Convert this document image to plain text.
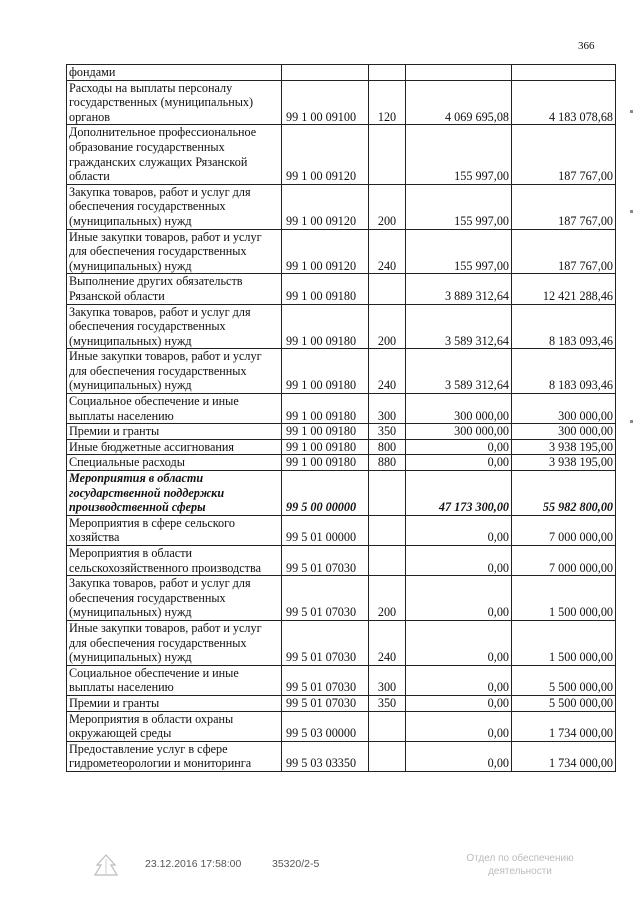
366
фондами				
Расходы на выплаты персоналу государственных (муниципальных) органов	99 1 00 09100	120	4 069 695,08	4 183 078,68
Дополнительное профессиональное образование государственных гражданских служащих Рязанской области	99 1 00 09120		155 997,00	187 767,00
Закупка товаров, работ и услуг для обеспечения государственных (муниципальных) нужд	99 1 00 09120	200	155 997,00	187 767,00
Иные закупки товаров, работ и услуг для обеспечения государственных (муниципальных) нужд	99 1 00 09120	240	155 997,00	187 767,00
Выполнение других обязательств Рязанской области	99 1 00 09180		3 889 312,64	12 421 288,46
Закупка товаров, работ и услуг для обеспечения государственных (муниципальных) нужд	99 1 00 09180	200	3 589 312,64	8 183 093,46
Иные закупки товаров, работ и услуг для обеспечения государственных (муниципальных) нужд	99 1 00 09180	240	3 589 312,64	8 183 093,46
Социальное обеспечение и иные выплаты населению	99 1 00 09180	300	300 000,00	300 000,00
Премии и гранты	99 1 00 09180	350	300 000,00	300 000,00
Иные бюджетные ассигнования	99 1 00 09180	800	0,00	3 938 195,00
Специальные расходы	99 1 00 09180	880	0,00	3 938 195,00
Мероприятия в области государственной поддержки производственной сферы	99 5 00 00000		47 173 300,00	55 982 800,00
Мероприятия в сфере сельского хозяйства	99 5 01 00000		0,00	7 000 000,00
Мероприятия в области сельскохозяйственного производства	99 5 01 07030		0,00	7 000 000,00
Закупка товаров, работ и услуг для обеспечения государственных (муниципальных) нужд	99 5 01 07030	200	0,00	1 500 000,00
Иные закупки товаров, работ и услуг для обеспечения государственных (муниципальных) нужд	99 5 01 07030	240	0,00	1 500 000,00
Социальное обеспечение и иные выплаты населению	99 5 01 07030	300	0,00	5 500 000,00
Премии и гранты	99 5 01 07030	350	0,00	5 500 000,00
Мероприятия в области охраны окружающей среды	99 5 03 00000		0,00	1 734 000,00
Предоставление услуг в сфере гидрометеорологии и мониторинга	99 5 03 03350		0,00	1 734 000,00
23.12.2016 17:58:00	35320/2-5	Отдел по обеспечению
деятельности
